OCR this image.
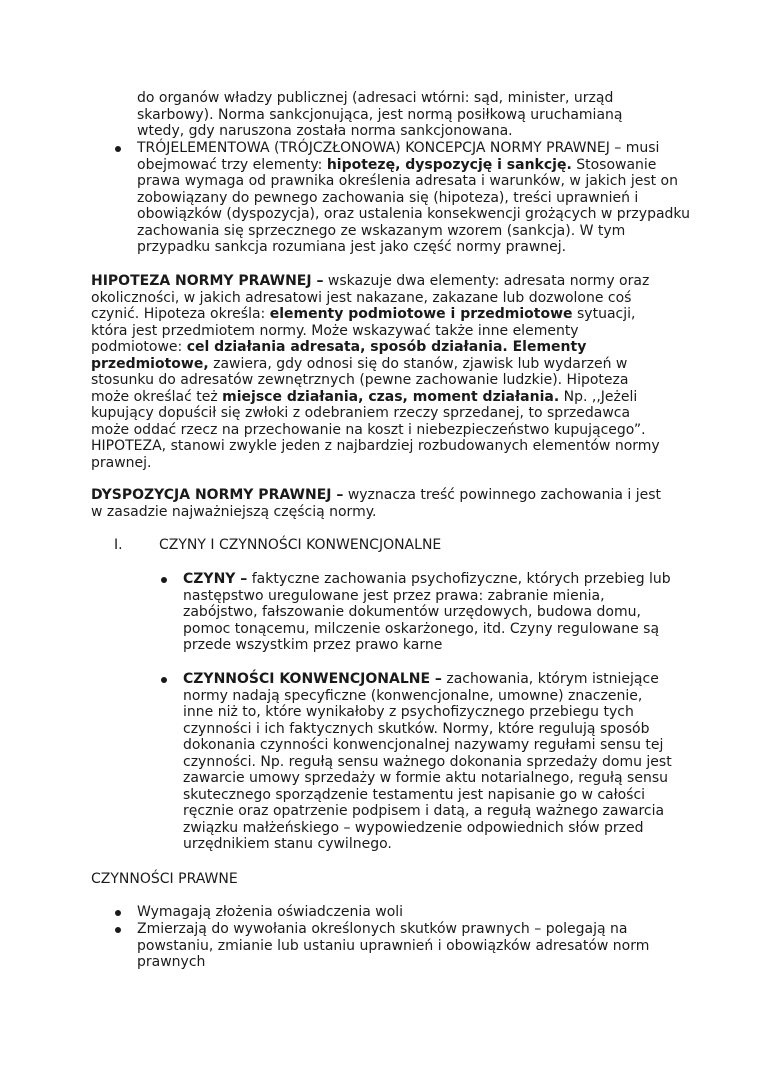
do organów władzy publicznej (adresaci wtórni: sąd, minister, urząd

skarbowy). Norma sankcjonująca, jest normą posiłkową uruchamianą

wtedy, gdy naruszona została norma sankcjonowana.

TRÓJELEMENTOWA (TRÓJCZŁONOWA) KONCEPCJA NORMY PRAWNEJ – musi obejmować trzy elementy: hipotezę, dyspozycję i sankcję. Stosowanie prawa wymaga od prawnika określenia adresata i warunków, w jakich jest on zobowiązany do pewnego zachowania się (hipoteza), treści uprawnień i obowiązków (dyspozycja), oraz ustalenia konsekwencji grożących w przypadku zachowania się sprzecznego ze wskazanym wzorem (sankcja). W tym przypadku sankcja rozumiana jest jako część normy prawnej.

HIPOTEZA NORMY PRAWNEJ – wskazuje dwa elementy: adresata normy oraz okoliczności, w jakich adresatowi jest nakazane, zakazane lub dozwolone coś czynić. Hipoteza określa: elementy podmiotowe i przedmiotowe sytuacji, która jest przedmiotem normy. Może wskazywać także inne elementy podmiotowe: cel działania adresata, sposób działania. Elementy przedmiotowe, zawiera, gdy odnosi się do stanów, zjawisk lub wydarzeń w stosunku do adresatów zewnętrznych (pewne zachowanie ludzkie). Hipoteza może określać też miejsce działania, czas, moment działania. Np. ,,Jeżeli kupujący dopuścił się zwłoki z odebraniem rzeczy sprzedanej, to sprzedawca może oddać rzecz na przechowanie na koszt i niebezpieczeństwo kupującego”. HIPOTEZA, stanowi zwykle jeden z najbardziej rozbudowanych elementów normy prawnej.

DYSPOZYCJA NORMY PRAWNEJ – wyznacza treść powinnego zachowania i jest w zasadzie najważniejszą częścią normy.

I.	CZYNY I CZYNNOŚCI KONWENCJONALNE

CZYNY – faktyczne zachowania psychofizyczne, których przebieg lub następstwo uregulowane jest przez prawa: zabranie mienia, zabójstwo, fałszowanie dokumentów urzędowych, budowa domu, pomoc tonącemu, milczenie oskarżonego, itd. Czyny regulowane są przede wszystkim przez prawo karne

CZYNNOŚCI KONWENCJONALNE – zachowania, którym istniejące normy nadają specyficzne (konwencjonalne, umowne) znaczenie, inne niż to, które wynikałoby z psychofizycznego przebiegu tych czynności i ich faktycznych skutków. Normy, które regulują sposób dokonania czynności konwencjonalnej nazywamy regułami sensu tej czynności. Np. regułą sensu ważnego dokonania sprzedaży domu jest zawarcie umowy sprzedaży w formie aktu notarialnego, regułą sensu skutecznego sporządzenie testamentu jest napisanie go w całości ręcznie oraz opatrzenie podpisem i datą, a regułą ważnego zawarcia związku małżeńskiego – wypowiedzenie odpowiednich słów przed urzędnikiem stanu cywilnego.

CZYNNOŚCI PRAWNE
Wymagają złożenia oświadczenia woli
Zmierzają do wywołania określonych skutków prawnych – polegają na powstaniu, zmianie lub ustaniu uprawnień i obowiązków adresatów norm prawnych
